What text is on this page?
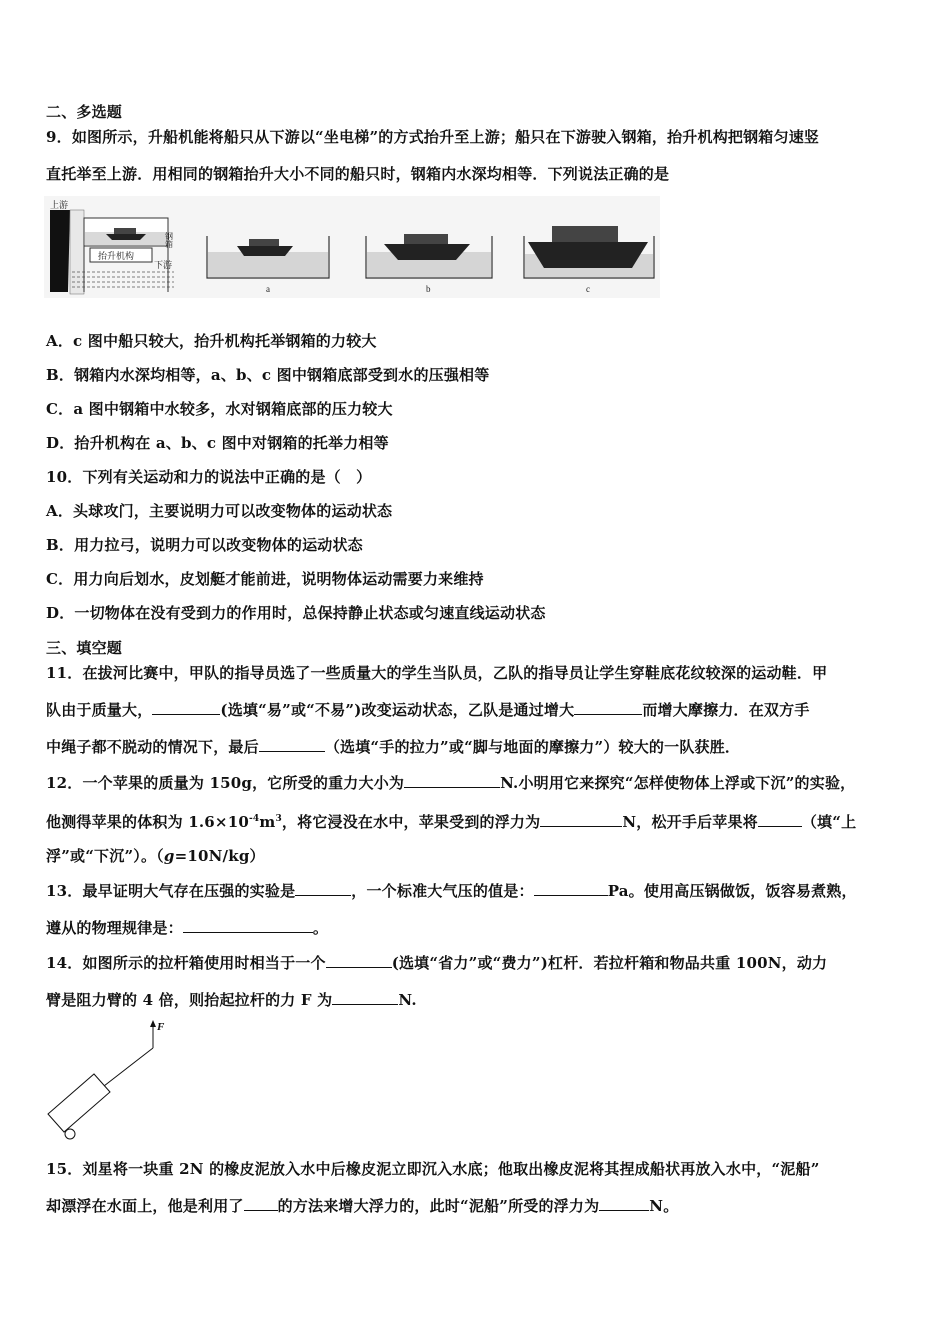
二、多选题
9．如图所示，升船机能将船只从下游以“坐电梯”的方式抬升至上游；船只在下游驶入钢箱，抬升机构把钢箱匀速竖
直托举至上游．用相同的钢箱抬升大小不同的船只时，钢箱内水深均相等．下列说法正确的是
上游
钢箱
抬升机构
下游
a	b	c
A．c 图中船只较大，抬升机构托举钢箱的力较大
B．钢箱内水深均相等，a、b、c 图中钢箱底部受到水的压强相等
C．a 图中钢箱中水较多，水对钢箱底部的压力较大
D．抬升机构在 a、b、c 图中对钢箱的托举力相等
10．下列有关运动和力的说法中正确的是（　）
A．头球攻门，主要说明力可以改变物体的运动状态
B．用力拉弓，说明力可以改变物体的运动状态
C．用力向后划水，皮划艇才能前进，说明物体运动需要力来维持
D．一切物体在没有受到力的作用时，总保持静止状态或匀速直线运动状态
三、填空题
11．在拔河比赛中，甲队的指导员选了一些质量大的学生当队员，乙队的指导员让学生穿鞋底花纹较深的运动鞋．甲
队由于质量大，	(选填“易”或“不易”)改变运动状态，乙队是通过增大	而增大摩擦力．在双方手
中绳子都不脱动的情况下，最后	（选填“手的拉力”或“脚与地面的摩擦力”）较大的一队获胜．
12．一个苹果的质量为 150g，它所受的重力大小为	N.小明用它来探究“怎样使物体上浮或下沉”的实验，
他测得苹果的体积为 $1.6\times 10^{-4}m^3$，将它浸没在水中，苹果受到的浮力为	N，松开手后苹果将	（填“上
浮”或“下沉”）。（g=10N/kg）
13．最早证明大气存在压强的实验是	，一个标准大气压的值是：	Pa。使用高压锅做饭，饭容易煮熟，
遵从的物理规律是：	。
14．如图所示的拉杆箱使用时相当于一个	(选填“省力”或“费力”)杠杆．若拉杆箱和物品共重 100N，动力
臂是阻力臂的 4 倍，则抬起拉杆的力 F 为	N.
F
15．刘星将一块重 2N 的橡皮泥放入水中后橡皮泥立即沉入水底；他取出橡皮泥将其捏成船状再放入水中，“泥船”
却漂浮在水面上，他是利用了 的方法来增大浮力的，此时“泥船”所受的浮力为	N。
